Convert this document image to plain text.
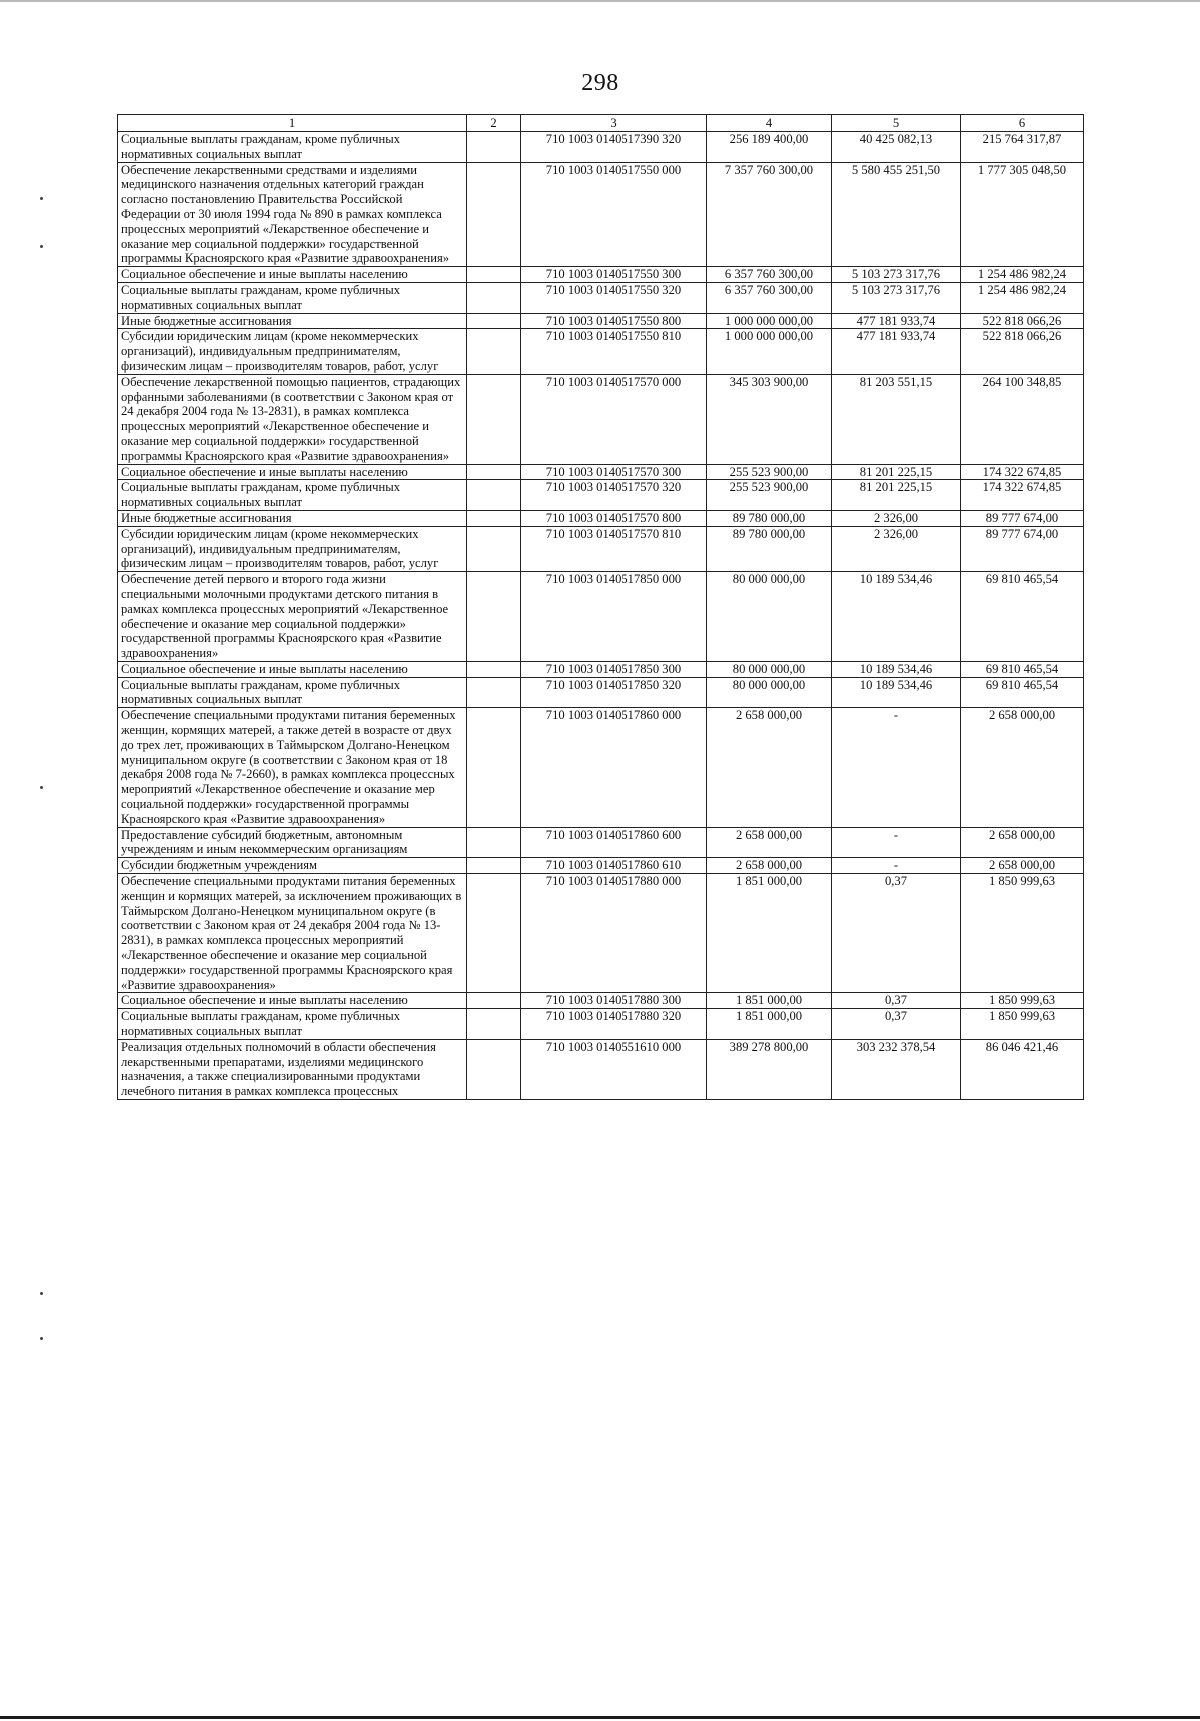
298
1	2	3	4	5	6
Социальные выплаты гражданам, кроме публичных нормативных социальных выплат		710 1003 0140517390 320	256 189 400,00	40 425 082,13	215 764 317,87
Обеспечение лекарственными средствами и изделиями медицинского назначения отдельных категорий граждан согласно постановлению Правительства Российской Федерации от 30 июля 1994 года № 890 в рамках комплекса процессных мероприятий «Лекарственное обеспечение и оказание мер социальной поддержки» государственной программы Красноярского края «Развитие здравоохранения»		710 1003 0140517550 000	7 357 760 300,00	5 580 455 251,50	1 777 305 048,50
Социальное обеспечение и иные выплаты населению		710 1003 0140517550 300	6 357 760 300,00	5 103 273 317,76	1 254 486 982,24
Социальные выплаты гражданам, кроме публичных нормативных социальных выплат		710 1003 0140517550 320	6 357 760 300,00	5 103 273 317,76	1 254 486 982,24
Иные бюджетные ассигнования		710 1003 0140517550 800	1 000 000 000,00	477 181 933,74	522 818 066,26
Субсидии юридическим лицам (кроме некоммерческих организаций), индивидуальным предпринимателям, физическим лицам – производителям товаров, работ, услуг		710 1003 0140517550 810	1 000 000 000,00	477 181 933,74	522 818 066,26
Обеспечение лекарственной помощью пациентов, страдающих орфанными заболеваниями (в соответствии с Законом края от 24 декабря 2004 года № 13-2831), в рамках комплекса процессных мероприятий «Лекарственное обеспечение и оказание мер социальной поддержки» государственной программы Красноярского края «Развитие здравоохранения»		710 1003 0140517570 000	345 303 900,00	81 203 551,15	264 100 348,85
Социальное обеспечение и иные выплаты населению		710 1003 0140517570 300	255 523 900,00	81 201 225,15	174 322 674,85
Социальные выплаты гражданам, кроме публичных нормативных социальных выплат		710 1003 0140517570 320	255 523 900,00	81 201 225,15	174 322 674,85
Иные бюджетные ассигнования		710 1003 0140517570 800	89 780 000,00	2 326,00	89 777 674,00
Субсидии юридическим лицам (кроме некоммерческих организаций), индивидуальным предпринимателям, физическим лицам – производителям товаров, работ, услуг		710 1003 0140517570 810	89 780 000,00	2 326,00	89 777 674,00
Обеспечение детей первого и второго года жизни специальными молочными продуктами детского питания в рамках комплекса процессных мероприятий «Лекарственное обеспечение и оказание мер социальной поддержки» государственной программы Красноярского края «Развитие здравоохранения»		710 1003 0140517850 000	80 000 000,00	10 189 534,46	69 810 465,54
Социальное обеспечение и иные выплаты населению		710 1003 0140517850 300	80 000 000,00	10 189 534,46	69 810 465,54
Социальные выплаты гражданам, кроме публичных нормативных социальных выплат		710 1003 0140517850 320	80 000 000,00	10 189 534,46	69 810 465,54
Обеспечение специальными продуктами питания беременных женщин, кормящих матерей, а также детей в возрасте от двух до трех лет, проживающих в Таймырском Долгано-Ненецком муниципальном округе (в соответствии с Законом края от 18 декабря 2008 года № 7-2660), в рамках комплекса процессных мероприятий «Лекарственное обеспечение и оказание мер социальной поддержки» государственной программы Красноярского края «Развитие здравоохранения»		710 1003 0140517860 000	2 658 000,00	-	2 658 000,00
Предоставление субсидий бюджетным, автономным учреждениям и иным некоммерческим организациям		710 1003 0140517860 600	2 658 000,00	-	2 658 000,00
Субсидии бюджетным учреждениям		710 1003 0140517860 610	2 658 000,00	-	2 658 000,00
Обеспечение специальными продуктами питания беременных женщин и кормящих матерей, за исключением проживающих в Таймырском Долгано-Ненецком муниципальном округе (в соответствии с Законом края от 24 декабря 2004 года № 13-2831), в рамках комплекса процессных мероприятий «Лекарственное обеспечение и оказание мер социальной поддержки» государственной программы Красноярского края «Развитие здравоохранения»		710 1003 0140517880 000	1 851 000,00	0,37	1 850 999,63
Социальное обеспечение и иные выплаты населению		710 1003 0140517880 300	1 851 000,00	0,37	1 850 999,63
Социальные выплаты гражданам, кроме публичных нормативных социальных выплат		710 1003 0140517880 320	1 851 000,00	0,37	1 850 999,63
Реализация отдельных полномочий в области обеспечения лекарственными препаратами, изделиями медицинского назначения, а также специализированными продуктами лечебного питания в рамках комплекса процессных		710 1003 0140551610 000	389 278 800,00	303 232 378,54	86 046 421,46
